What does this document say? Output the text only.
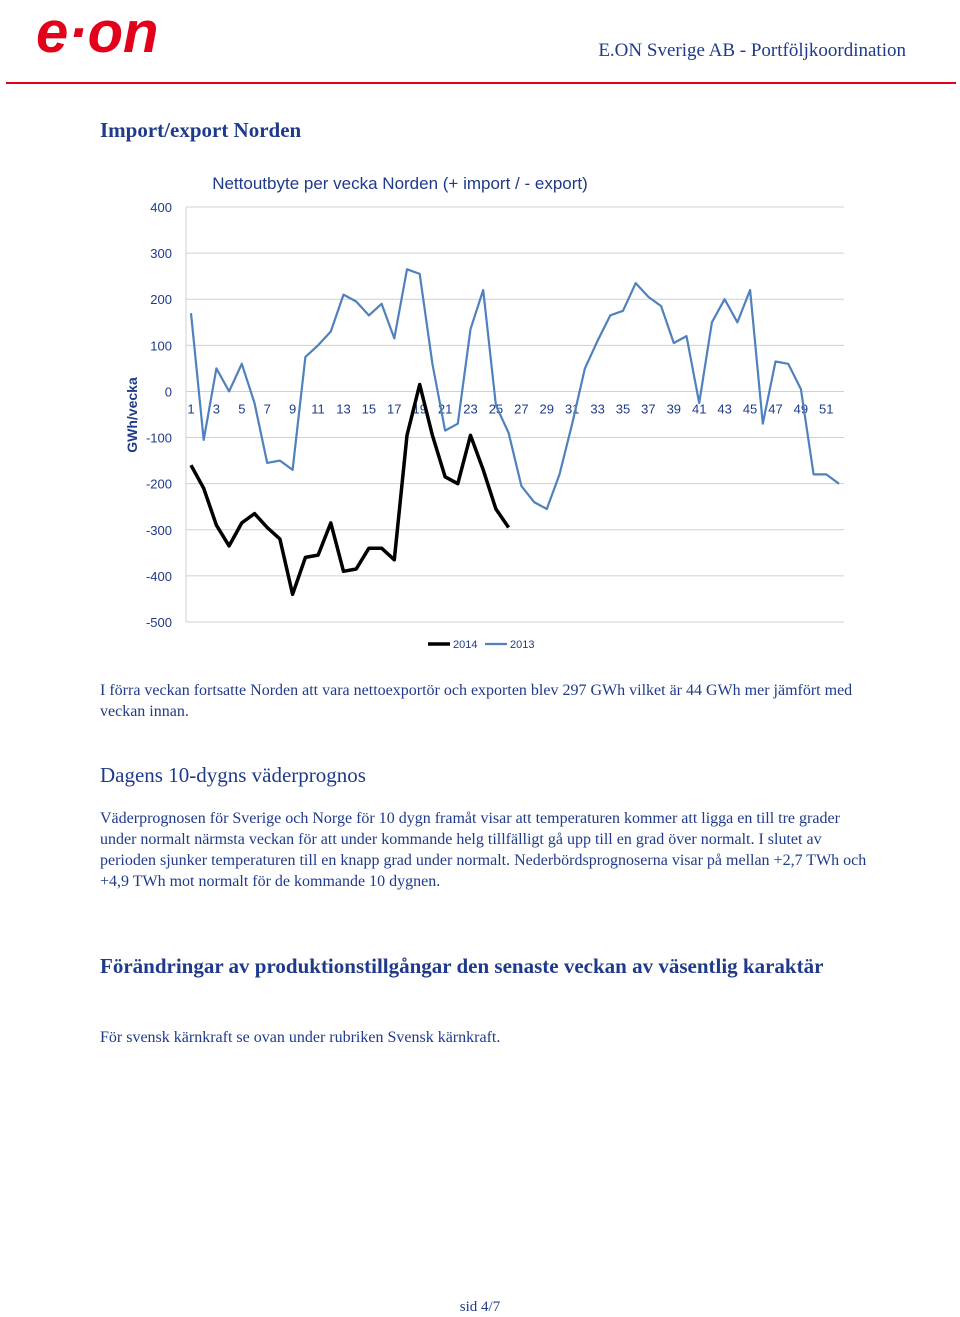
e·on	E.ON Sverige AB - Portföljkoordination
Import/export Norden
400
300
200
100
0
-100
-200
-300
-400
-500
1 3 5 7 9 11 13 15 17 19 21 23 25 27 29 31 33 35 37 39 41 43 45 47 49 51
Nettoutbyte per vecka Norden (+ import / - export)
GWh/vecka
2014	2013

I förra veckan fortsatte Norden att vara nettoexportör och exporten blev 297 GWh vilket är 44 GWh mer jämfört med veckan innan.

Dagens 10-dygns väderprognos

Väderprognosen för Sverige och Norge för 10 dygn framåt visar att temperaturen kommer att ligga en till tre grader under normalt närmsta veckan för att under kommande helg tillfälligt gå upp till en grad över normalt. I slutet av perioden sjunker temperaturen till en knapp grad under normalt. Nederbördsprognoserna visar på mellan +2,7 TWh och +4,9 TWh mot normalt för de kommande 10 dygnen.

Förändringar av produktionstillgångar den senaste veckan av väsentlig karaktär

För svensk kärnkraft se ovan under rubriken Svensk kärnkraft.

sid 4/7
